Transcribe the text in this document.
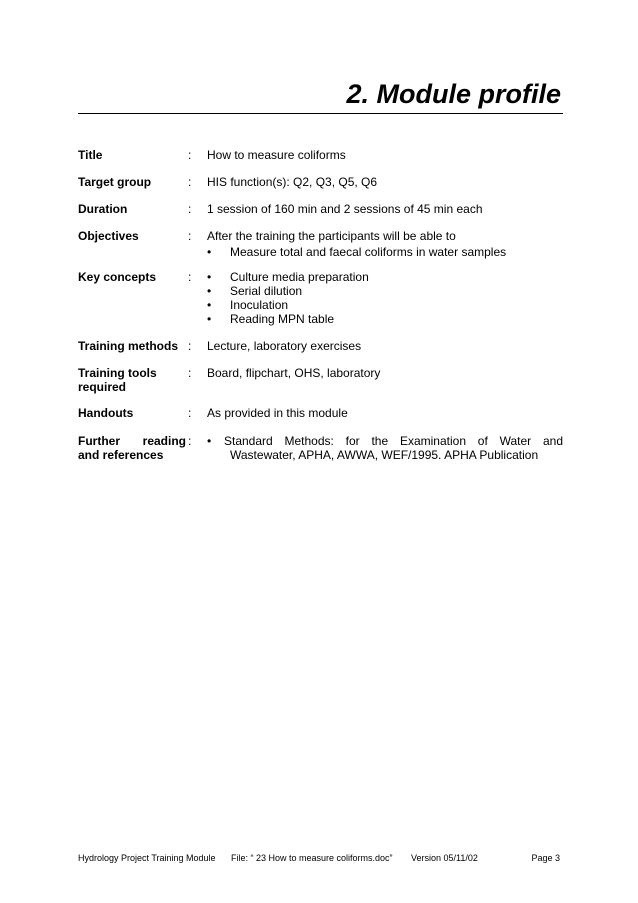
2. Module profile
Title	: How to measure coliforms
Target group	: HIS function(s): Q2, Q3, Q5, Q6
Duration	: 1 session of 160 min and 2 sessions of 45 min each
Objectives	: After the training the participants will be able to
• Measure total and faecal coliforms in water samples
Key concepts	: • Culture media preparation
• Serial dilution
• Inoculation
• Reading MPN table
Training methods : Lecture, laboratory exercises
Training tools
required
: Board, flipchart, OHS, laboratory
Handouts	: As provided in this module
Further reading
and references
: • Standard Methods: for the Examination of Water and
Wastewater, APHA, AWWA, WEF/1995. APHA Publication
Hydrology Project Training Module File: “ 23 How to measure coliforms.doc” Version 05/11/02	Page 3
